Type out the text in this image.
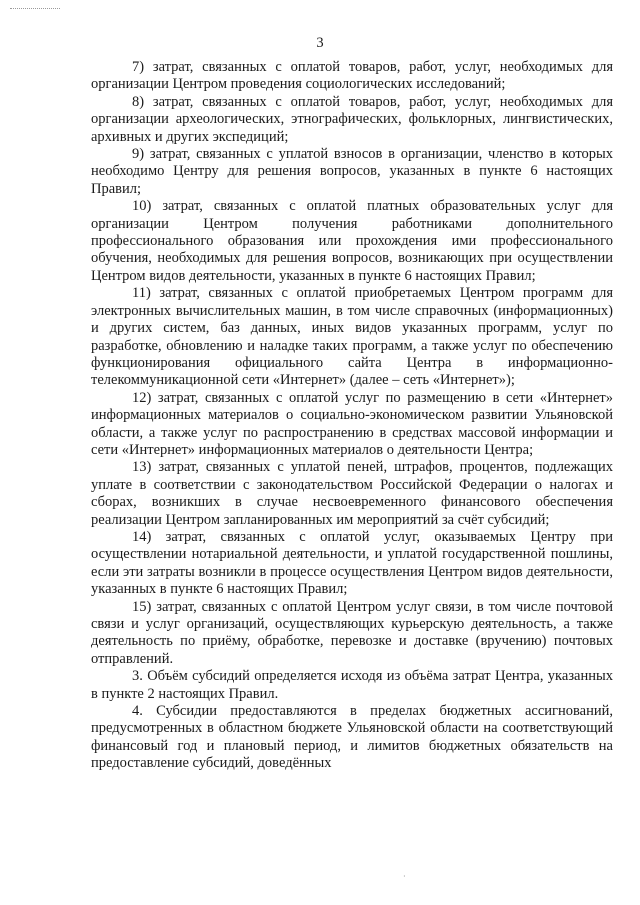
3

7) затрат, связанных с оплатой товаров, работ, услуг, необходимых для организации Центром проведения социологических исследований;

8) затрат, связанных с оплатой товаров, работ, услуг, необходимых для организации археологических, этнографических, фольклорных, лингвистических, архивных и других экспедиций;

9) затрат, связанных с уплатой взносов в организации, членство в которых необходимо Центру для решения вопросов, указанных в пункте 6 настоящих Правил;

10) затрат, связанных с оплатой платных образовательных услуг для организации Центром получения работниками дополнительного профессионального образования или прохождения ими профессионального обучения, необходимых для решения вопросов, возникающих при осуществлении Центром видов деятельности, указанных в пункте 6 настоящих Правил;

11) затрат, связанных с оплатой приобретаемых Центром программ для электронных вычислительных машин, в том числе справочных (информационных) и других систем, баз данных, иных видов указанных программ, услуг по разработке, обновлению и наладке таких программ, а также услуг по обеспечению функционирования официального сайта Центра в информационно-телекоммуникационной сети «Интернет» (далее – сеть «Интернет»);

12) затрат, связанных с оплатой услуг по размещению в сети «Интернет» информационных материалов о социально-экономическом развитии Ульяновской области, а также услуг по распространению в средствах массовой информации и сети «Интернет» информационных материалов о деятельности Центра;

13) затрат, связанных с уплатой пеней, штрафов, процентов, подлежащих уплате в соответствии с законодательством Российской Федерации о налогах и сборах, возникших в случае несвоевременного финансового обеспечения реализации Центром запланированных им мероприятий за счёт субсидий;

14) затрат, связанных с оплатой услуг, оказываемых Центру при осуществлении нотариальной деятельности, и уплатой государственной пошлины, если эти затраты возникли в процессе осуществления Центром видов деятельности, указанных в пункте 6 настоящих Правил;

15) затрат, связанных с оплатой Центром услуг связи, в том числе почтовой связи и услуг организаций, осуществляющих курьерскую деятельность, а также деятельность по приёму, обработке, перевозке и доставке (вручению) почтовых отправлений.

3. Объём субсидий определяется исходя из объёма затрат Центра, указанных в пункте 2 настоящих Правил.

4. Субсидии предоставляются в пределах бюджетных ассигнований, предусмотренных в областном бюджете Ульяновской области на соответствующий финансовый год и плановый период, и лимитов бюджетных обязательств на предоставление субсидий, доведённых

·
